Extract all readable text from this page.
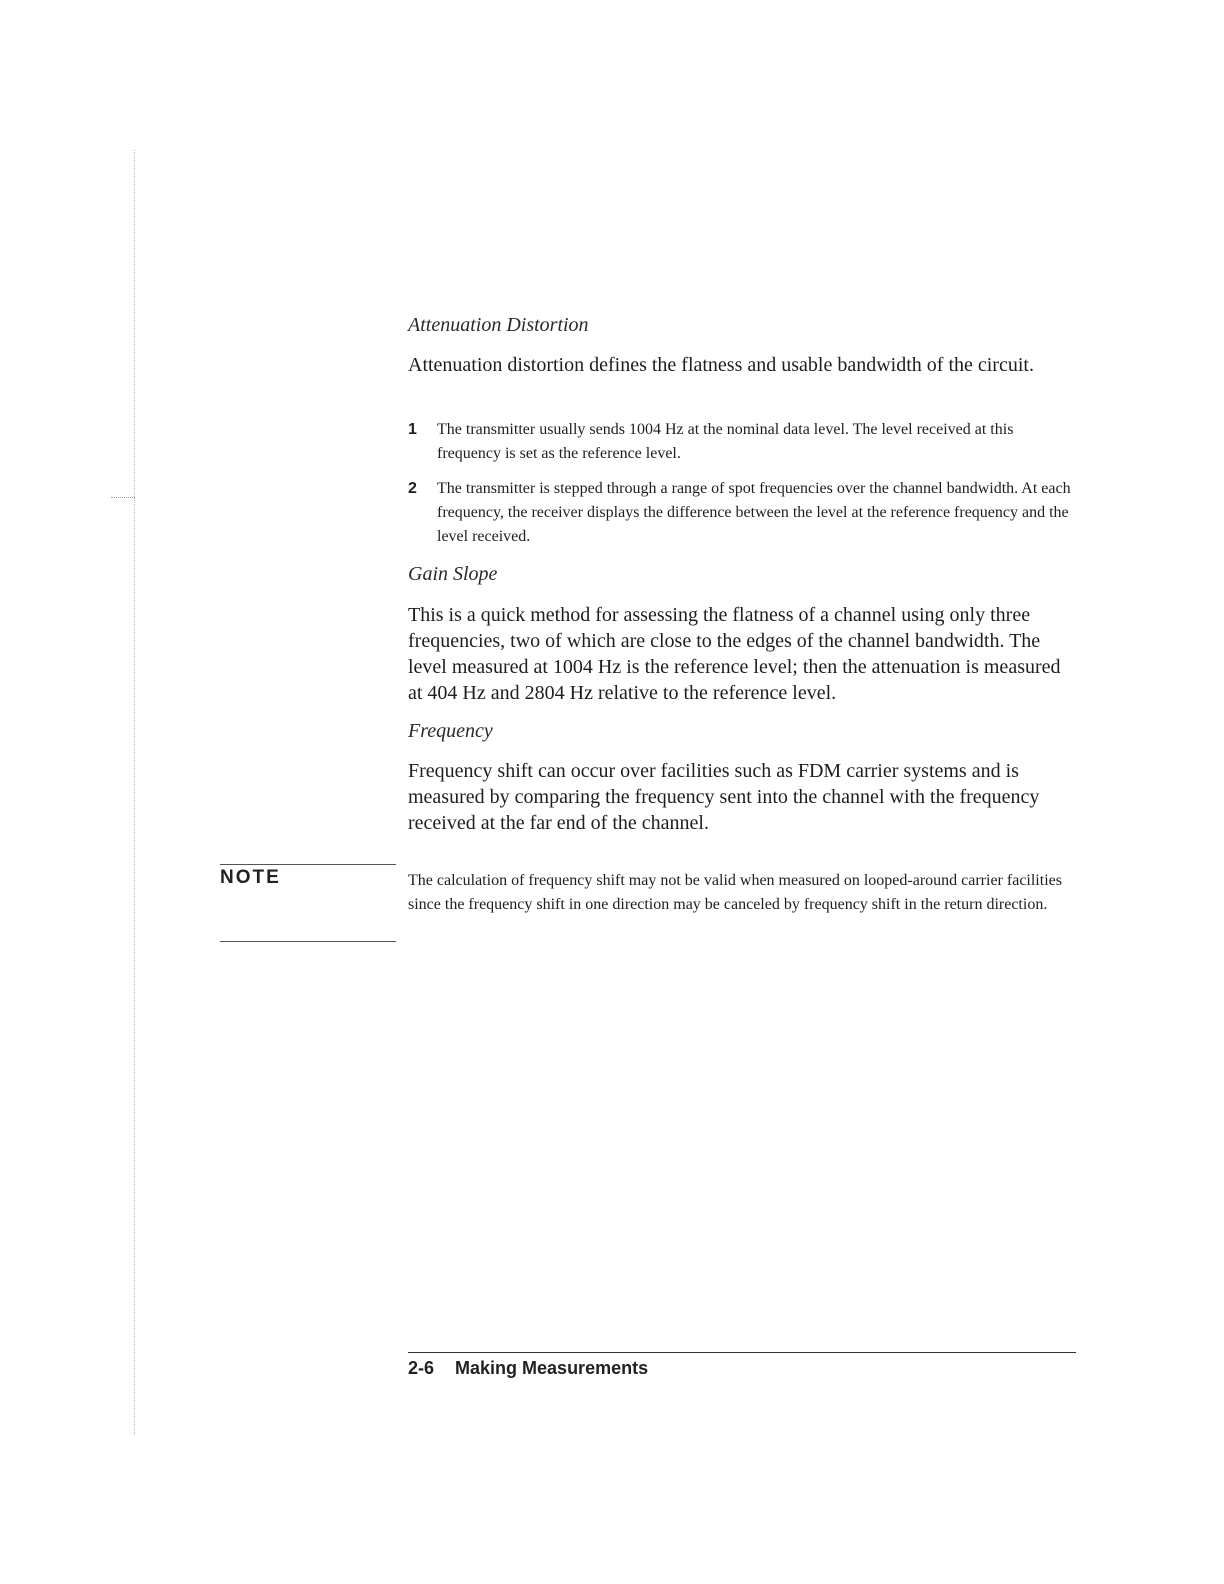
Attenuation Distortion

Attenuation distortion defines the flatness and usable bandwidth of the circuit.

1 The transmitter usually sends 1004 Hz at the nominal data level. The level received at this frequency is set as the reference level.
2 The transmitter is stepped through a range of spot frequencies over the channel bandwidth. At each frequency, the receiver displays the difference between the level at the reference frequency and the level received.
Gain Slope

This is a quick method for assessing the flatness of a channel using only three frequencies, two of which are close to the edges of the channel bandwidth. The level measured at 1004 Hz is the reference level; then the attenuation is measured at 404 Hz and 2804 Hz relative to the reference level.

Frequency

Frequency shift can occur over facilities such as FDM carrier systems and is measured by comparing the frequency sent into the channel with the frequency received at the far end of the channel.

NOTE	The calculation of frequency shift may not be valid when measured on looped-around carrier facilities since the frequency shift in one direction may be canceled by frequency shift in the return direction.
2-6 Making Measurements
